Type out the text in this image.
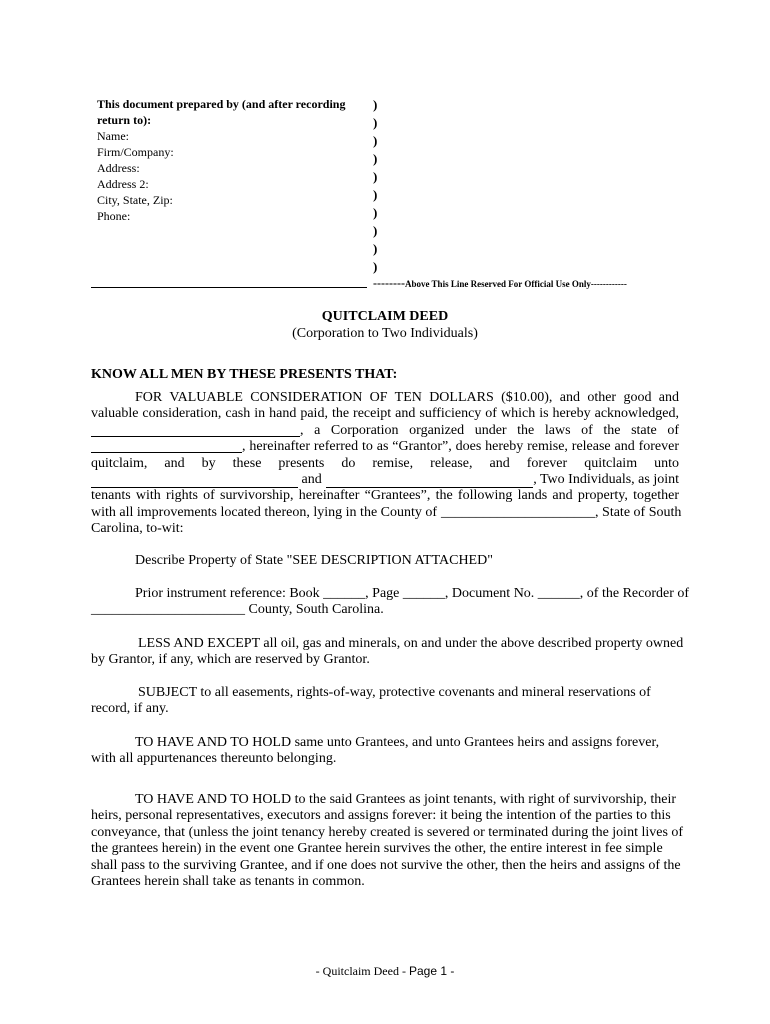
This document prepared by (and after recording
return to):
Name:
Firm/Company:
Address:
Address 2:
City, State, Zip:
Phone:
)
)
)
)
)
)
)
)
)
)
--------Above This Line Reserved For Official Use Only------------
QUITCLAIM DEED
(Corporation to Two Individuals)
KNOW ALL MEN BY THESE PRESENTS THAT:
FOR VALUABLE CONSIDERATION OF TEN DOLLARS ($10.00), and other good and
valuable consideration, cash in hand paid, the receipt and sufficiency of which is hereby acknowledged,
, a Corporation organized under the laws of the state of
, hereinafter referred to as “Grantor”, does hereby remise, release and forever
quitclaim, and by these presents do remise, release, and forever quitclaim unto
and	, Two Individuals, as joint
tenants with rights of survivorship, hereinafter “Grantees”, the following lands and property, together
with all improvements located thereon, lying in the County of ______________________ , State of South
Carolina, to-wit:
Describe Property of State "SEE DESCRIPTION ATTACHED"
Prior instrument reference: Book ______, Page ______, Document No. ______, of the Recorder of
______________________ County, South Carolina.
LESS AND EXCEPT all oil, gas and minerals, on and under the above described property owned
by Grantor, if any, which are reserved by Grantor.
SUBJECT to all easements, rights-of-way, protective covenants and mineral reservations of
record, if any.
TO HAVE AND TO HOLD same unto Grantees, and unto Grantees heirs and assigns forever,
with all appurtenances thereunto belonging.
TO HAVE AND TO HOLD to the said Grantees as joint tenants, with right of survivorship, their
heirs, personal representatives, executors and assigns forever: it being the intention of the parties to this
conveyance, that (unless the joint tenancy hereby created is severed or terminated during the joint lives of
the grantees herein) in the event one Grantee herein survives the other, the entire interest in fee simple
shall pass to the surviving Grantee, and if one does not survive the other, then the heirs and assigns of the
Grantees herein shall take as tenants in common.
- Quitclaim Deed - Page 1 -
